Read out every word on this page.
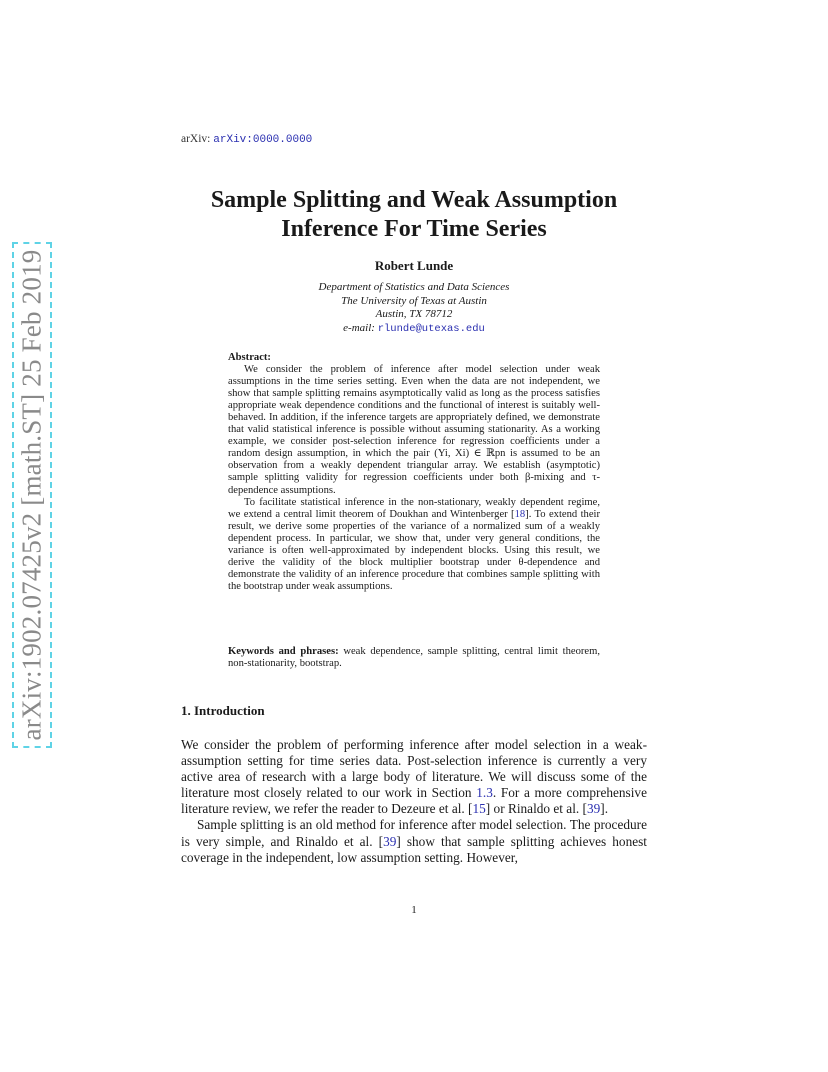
arXiv:1902.07425v2 [math.ST] 25 Feb 2019
arXiv: arXiv:0000.0000
Sample Splitting and Weak Assumption
Inference For Time Series
Robert Lunde
Department of Statistics and Data Sciences
The University of Texas at Austin
Austin, TX 78712
e-mail: rlunde@utexas.edu
Abstract:

We consider the problem of inference after model selection under weak assumptions in the time series setting. Even when the data are not independent, we show that sample splitting remains asymptotically valid as long as the process satisfies appropriate weak dependence conditions and the functional of interest is suitably well-behaved. In addition, if the inference targets are appropriately defined, we demonstrate that valid statistical inference is possible without assuming stationarity. As a working example, we consider post-selection inference for regression coefficients under a random design assumption, in which the pair (Yi, Xi) ∈ ℝpn is assumed to be an observation from a weakly dependent triangular array. We establish (asymptotic) sample splitting validity for regression coefficients under both β-mixing and τ-dependence assumptions.

To facilitate statistical inference in the non-stationary, weakly dependent regime, we extend a central limit theorem of Doukhan and Wintenberger [18]. To extend their result, we derive some properties of the variance of a normalized sum of a weakly dependent process. In particular, we show that, under very general conditions, the variance is often well-approximated by independent blocks. Using this result, we derive the validity of the block multiplier bootstrap under θ-dependence and demonstrate the validity of an inference procedure that combines sample splitting with the bootstrap under weak assumptions.

Keywords and phrases: weak dependence, sample splitting, central limit theorem, non-stationarity, bootstrap.
1. Introduction

We consider the problem of performing inference after model selection in a weak-assumption setting for time series data. Post-selection inference is currently a very active area of research with a large body of literature. We will discuss some of the literature most closely related to our work in Section 1.3. For a more comprehensive literature review, we refer the reader to Dezeure et al. [15] or Rinaldo et al. [39].

Sample splitting is an old method for inference after model selection. The procedure is very simple, and Rinaldo et al. [39] show that sample splitting achieves honest coverage in the independent, low assumption setting. However,

1
